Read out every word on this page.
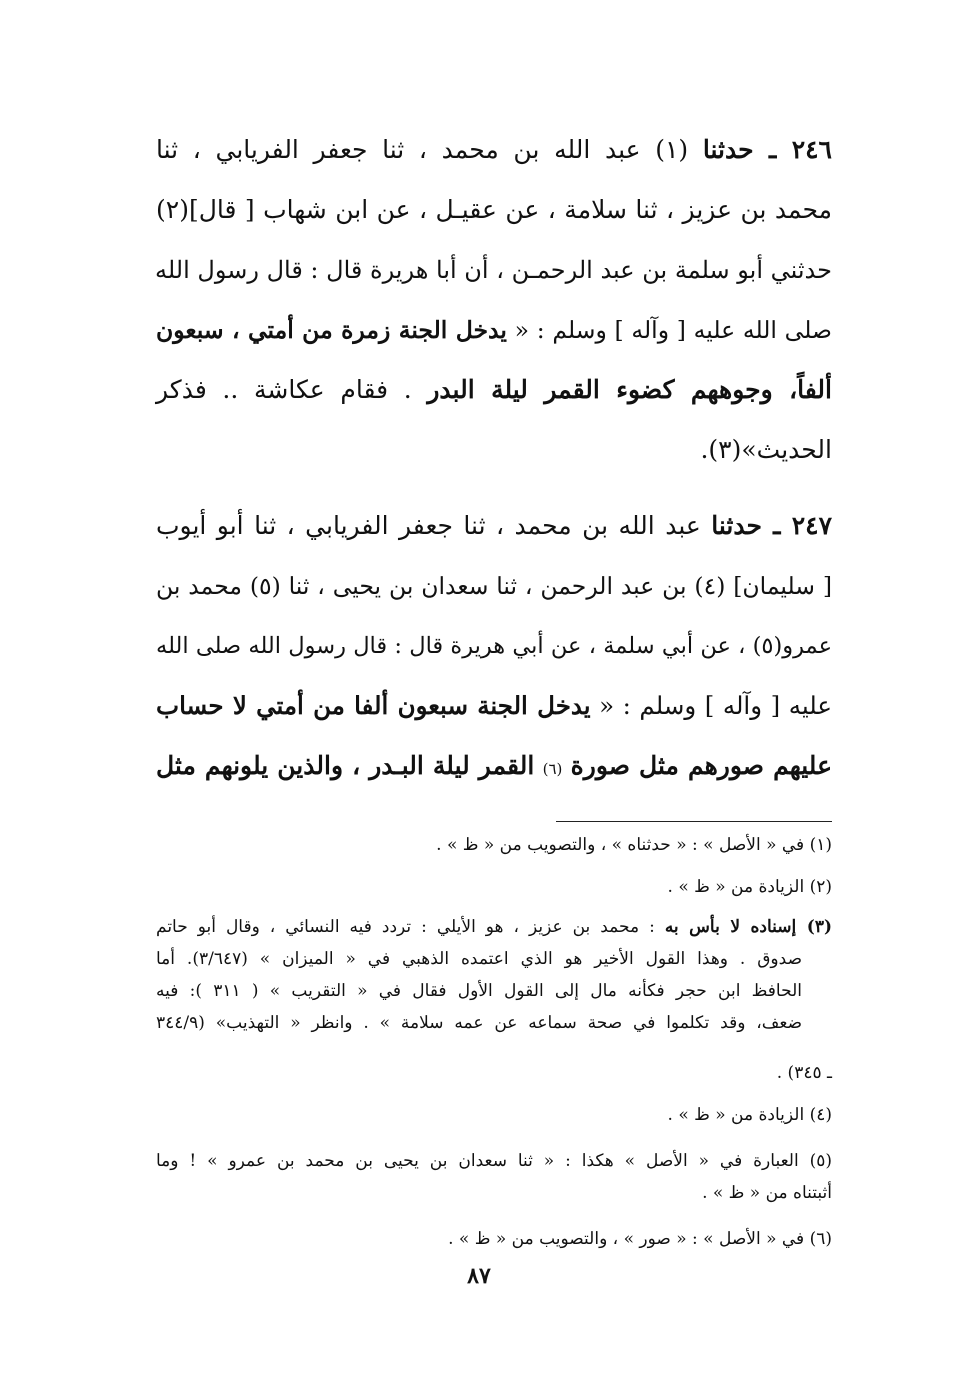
٢٤٦ ـ حدثنا (١) عبد الله بن محمد ، ثنا جعفر الفريابي ، ثنا
محمد بن عزيز ، ثنا سلامة ، عن عقيـل ، عن ابن شهاب [ قال](٢)
حدثني أبو سلمة بن عبد الرحمـن ، أن أبا هريرة قال : قال رسول الله
صلى الله عليه [ وآله ] وسلم : « يدخل الجنة زمرة من أمتي ، سبعون
ألفاً، وجوههم كضوء القمر ليلة البدر . فقام عكاشة .. فذكر
الحديث»(٣).
٢٤٧ ـ حدثنا عبد الله بن محمد ، ثنا جعفر الفريابي ، ثنا أبو أيوب
[ سليمان] (٤) بن عبد الرحمن ، ثنا سعدان بن يحيى ، ثنا (٥) محمد بن
عمرو(٥) ، عن أبي سلمة ، عن أبي هريرة قال : قال رسول الله صلى الله
عليه [ وآله ] وسلم : « يدخل الجنة سبعون ألفا من أمتي لا حساب
عليهم صورهم مثل صورة (٦) القمر ليلة البـدر ، والذين يلونهم مثل
(١) في « الأصل » : « حدثناه » ، والتصويب من « ظ » .
(٢) الزيادة من « ظ » .
(٣) إسناده لا بأس به : محمد بن عزيز ، هو الأيلي : تردد فيه النسائي ، وقال أبو حاتم
صدوق . وهذا القول الأخير هو الذي اعتمده الذهبي في « الميزان » (٣/٦٤٧). أما
الحافظ ابن حجر فكأنه مال إلى القول الأول فقال في « التقريب » ( ٣١١ ): فيه
ضعف، وقد تكلموا في صحة سماعه عن عمه سلامة » . وانظر « التهذيب» (٣٤٤/٩
ـ ٣٤٥) .
(٤) الزيادة من « ظ » .
(٥) العبارة في « الأصل » هكذا : « ثنا سعدان بن يحيى بن محمد بن عمرو » ! وما
أثبتناه من « ظ » .
(٦) في « الأصل » : « صور » ، والتصويب من « ظ » .
٨٧
